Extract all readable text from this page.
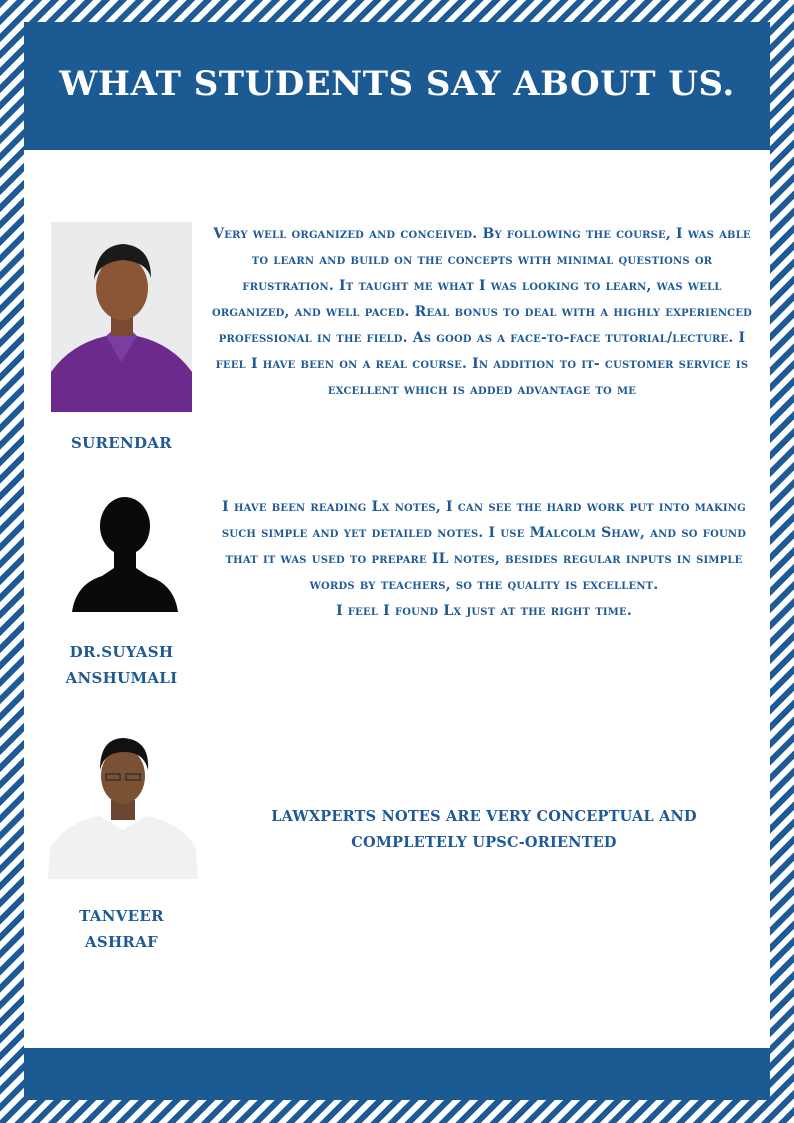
WHAT STUDENTS SAY ABOUT US.
SURENDAR
Very well organized and conceived. By following the course, I was able to learn and build on the concepts with minimal questions or frustration. It taught me what I was looking to learn, was well organized, and well paced. Real bonus to deal with a highly experienced professional in the field. As good as a face-to-face tutorial/lecture. I feel I have been on a real course. In addition to it- customer service is excellent which is added advantage to me
DR.SUYASH
ANSHUMALI
I have been reading Lx notes, I can see the hard work put into making such simple and yet detailed notes. I use Malcolm Shaw, and so found that it was used to prepare IL notes, besides regular inputs in simple words by teachers, so the quality is excellent.
I feel I found Lx just at the right time.
TANVEER
ASHRAF
LAWXPERTS NOTES ARE VERY CONCEPTUAL AND COMPLETELY UPSC-ORIENTED
